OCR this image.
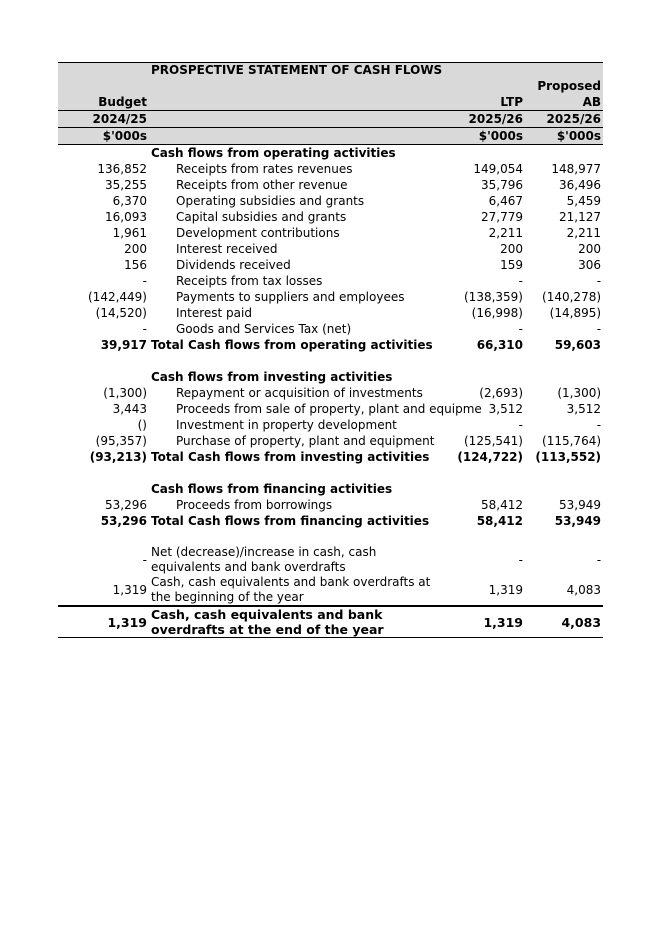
	PROSPECTIVE STATEMENT OF CASH FLOWS		
			Proposed
Budget		LTP	AB
2024/25		2025/26	2025/26
$'000s		$'000s	$'000s
	Cash flows from operating activities		
136,852	Receipts from rates revenues	149,054	148,977
35,255	Receipts from other revenue	35,796	36,496
6,370	Operating subsidies and grants	6,467	5,459
16,093	Capital subsidies and grants	27,779	21,127
1,961	Development contributions	2,211	2,211
200	Interest received	200	200
156	Dividends received	159	306
-	Receipts from tax losses	-	-
(142,449)	Payments to suppliers and employees	(138,359)	(140,278)
(14,520)	Interest paid	(16,998)	(14,895)
-	Goods and Services Tax (net)	-	-
39,917	Total Cash flows from operating activities	66,310	59,603

	Cash flows from investing activities		
(1,300)	Repayment or acquisition of investments	(2,693)	(1,300)
3,443	Proceeds from sale of property, plant and equipme	3,512	3,512
()	Investment in property development	-	-
(95,357)	Purchase of property, plant and equipment	(125,541)	(115,764)
(93,213)	Total Cash flows from investing activities	(124,722)	(113,552)

	Cash flows from financing activities		
53,296	Proceeds from borrowings	58,412	53,949
53,296	Total Cash flows from financing activities	58,412	53,949

-	Net (decrease)/increase in cash, cash equivalents and bank overdrafts	-	-
1,319	Cash, cash equivalents and bank overdrafts at the beginning of the year	1,319	4,083
1,319	Cash, cash equivalents and bank overdrafts at the end of the year	1,319	4,083
